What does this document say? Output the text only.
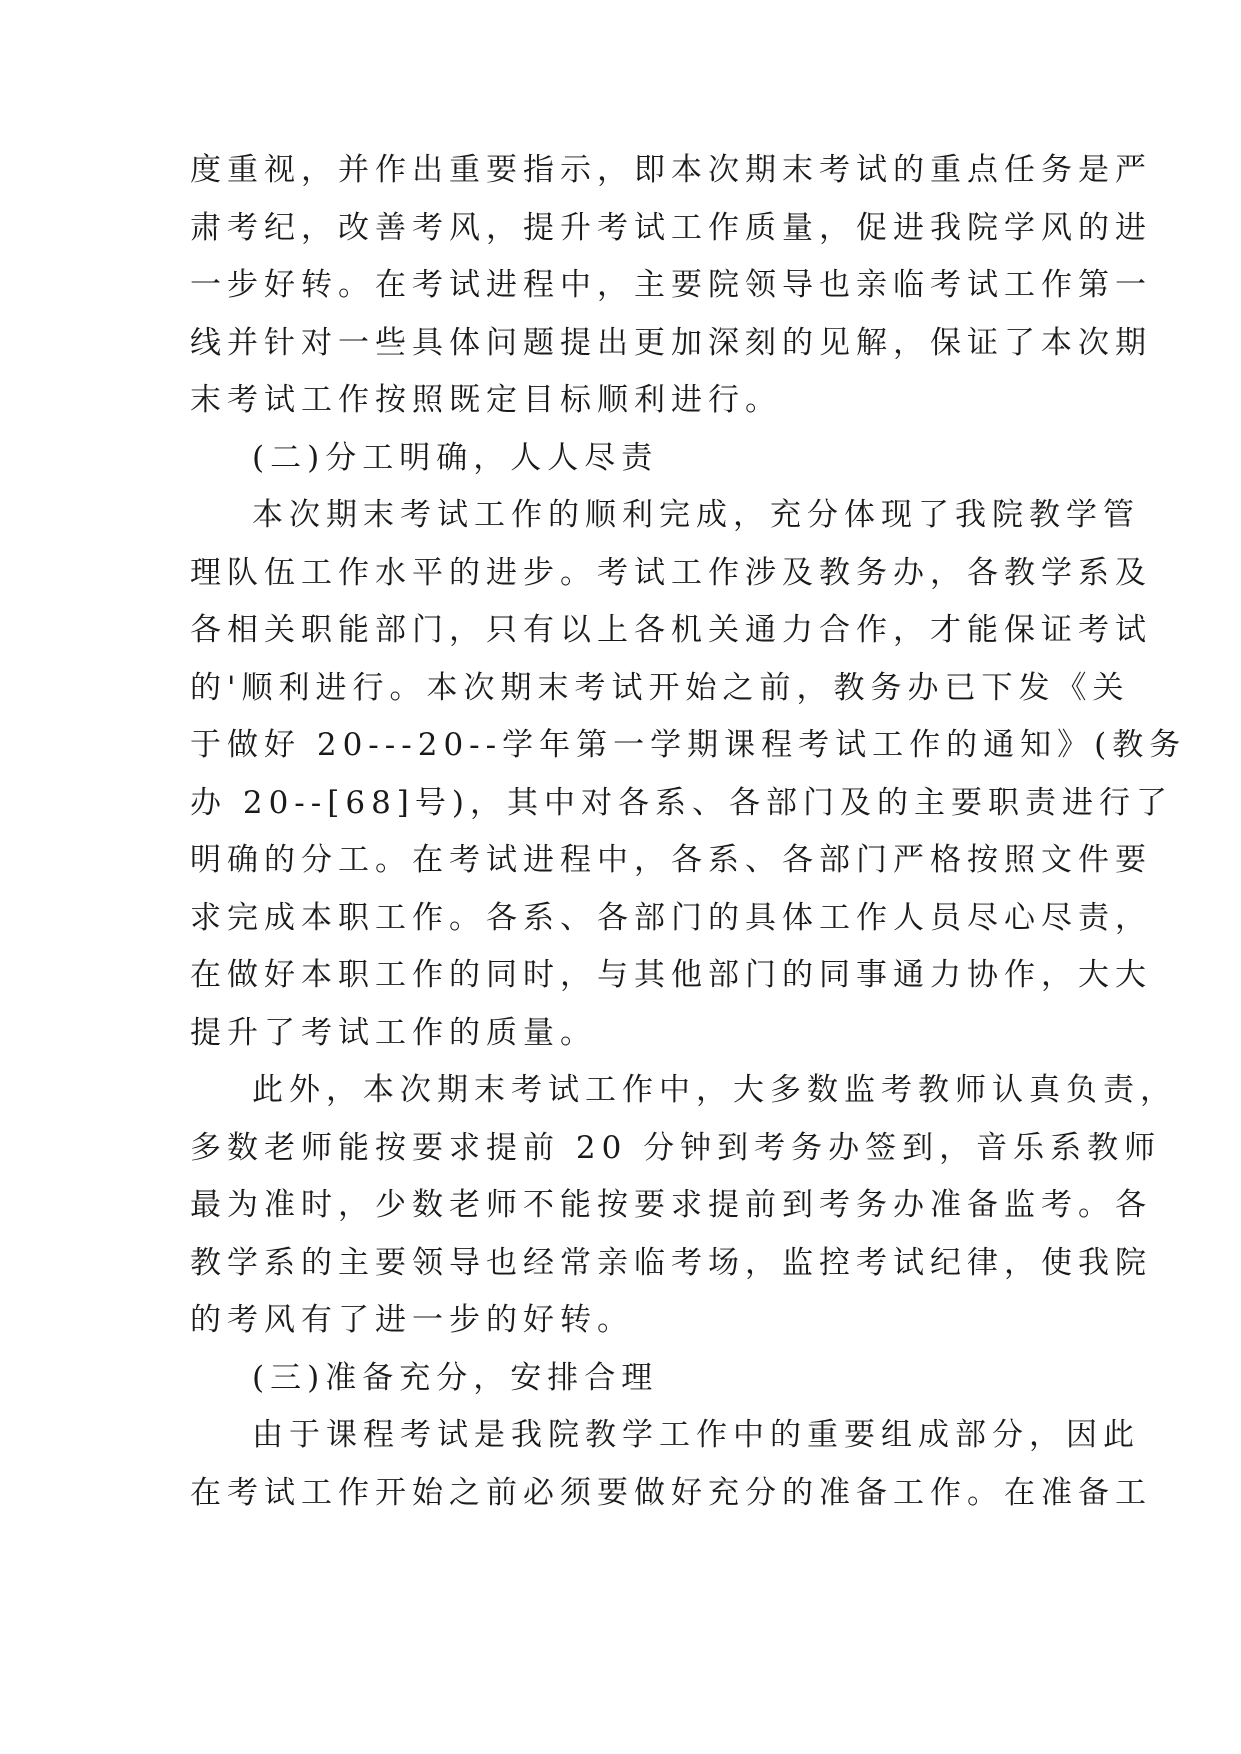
度重视，并作出重要指示，即本次期末考试的重点任务是严
肃考纪，改善考风，提升考试工作质量，促进我院学风的进
一步好转。在考试进程中，主要院领导也亲临考试工作第一
线并针对一些具体问题提出更加深刻的见解，保证了本次期
末考试工作按照既定目标顺利进行。
(二)分工明确，人人尽责
本次期末考试工作的顺利完成，充分体现了我院教学管
理队伍工作水平的进步。考试工作涉及教务办，各教学系及
各相关职能部门，只有以上各机关通力合作，才能保证考试
的'顺利进行。本次期末考试开始之前，教务办已下发《关
于做好 20---20--学年第一学期课程考试工作的通知》(教务
办 20--[68]号)，其中对各系、各部门及的主要职责进行了
明确的分工。在考试进程中，各系、各部门严格按照文件要
求完成本职工作。各系、各部门的具体工作人员尽心尽责，
在做好本职工作的同时，与其他部门的同事通力协作，大大
提升了考试工作的质量。
此外，本次期末考试工作中，大多数监考教师认真负责，
多数老师能按要求提前 20 分钟到考务办签到，音乐系教师
最为准时，少数老师不能按要求提前到考务办准备监考。各
教学系的主要领导也经常亲临考场，监控考试纪律，使我院
的考风有了进一步的好转。
(三)准备充分，安排合理
由于课程考试是我院教学工作中的重要组成部分，因此
在考试工作开始之前必须要做好充分的准备工作。在准备工
